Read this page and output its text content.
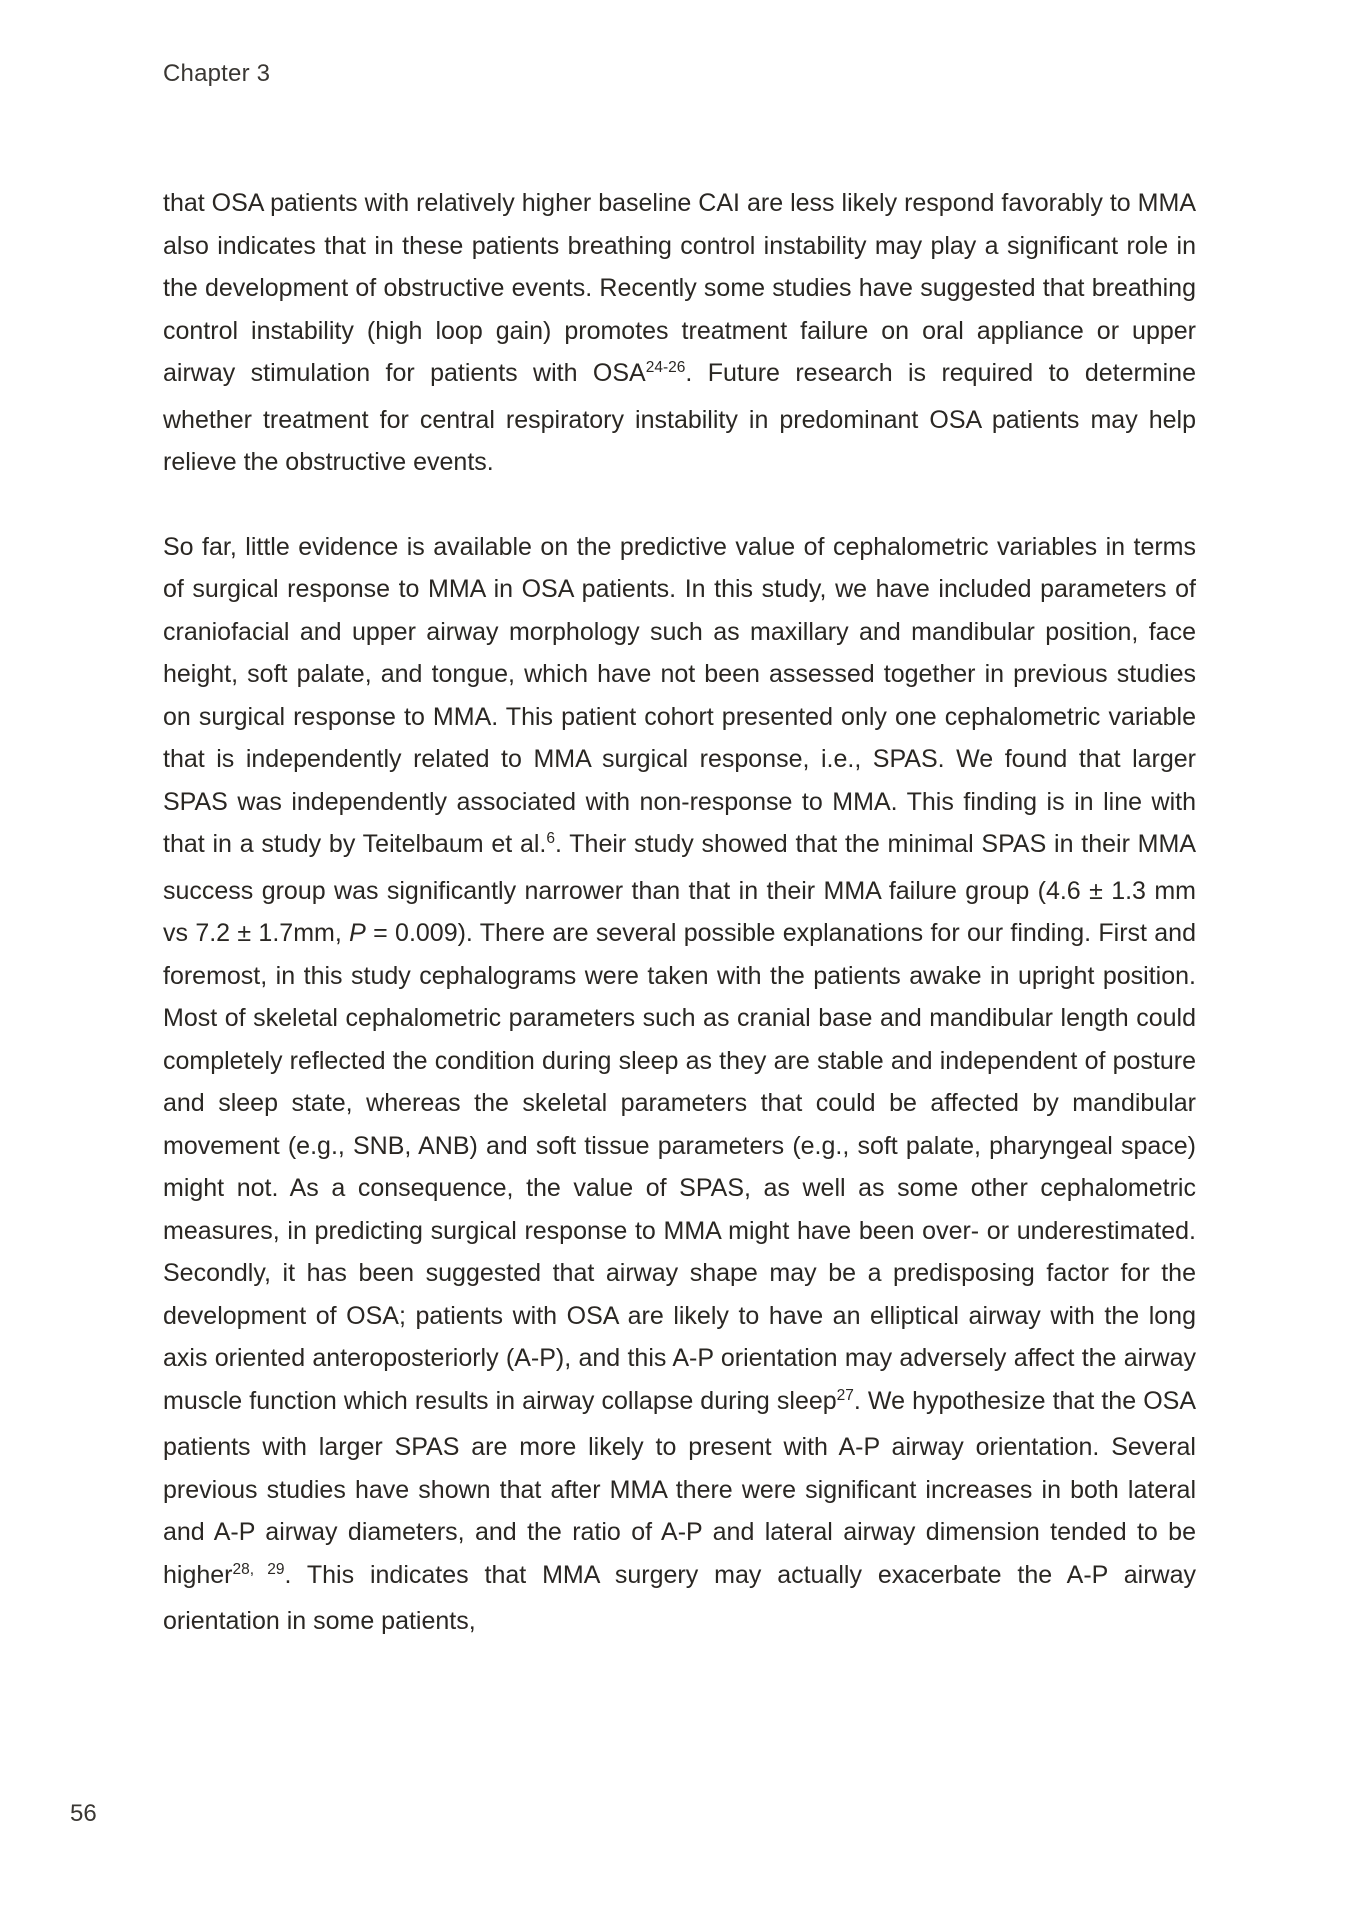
Chapter 3

that OSA patients with relatively higher baseline CAI are less likely respond favorably to MMA also indicates that in these patients breathing control instability may play a significant role in the development of obstructive events. Recently some studies have suggested that breathing control instability (high loop gain) promotes treatment failure on oral appliance or upper airway stimulation for patients with OSA$^{24-26}$. Future research is required to determine whether treatment for central respiratory instability in predominant OSA patients may help relieve the obstructive events.

So far, little evidence is available on the predictive value of cephalometric variables in terms of surgical response to MMA in OSA patients. In this study, we have included parameters of craniofacial and upper airway morphology such as maxillary and mandibular position, face height, soft palate, and tongue, which have not been assessed together in previous studies on surgical response to MMA. This patient cohort presented only one cephalometric variable that is independently related to MMA surgical response, i.e., SPAS. We found that larger SPAS was independently associated with non-response to MMA. This finding is in line with that in a study by Teitelbaum et al.$^6$. Their study showed that the minimal SPAS in their MMA success group was significantly narrower than that in their MMA failure group (4.6 ± 1.3 mm vs 7.2 ± 1.7mm, P = 0.009). There are several possible explanations for our finding. First and foremost, in this study cephalograms were taken with the patients awake in upright position. Most of skeletal cephalometric parameters such as cranial base and mandibular length could completely reflected the condition during sleep as they are stable and independent of posture and sleep state, whereas the skeletal parameters that could be affected by mandibular movement (e.g., SNB, ANB) and soft tissue parameters (e.g., soft palate, pharyngeal space) might not. As a consequence, the value of SPAS, as well as some other cephalometric measures, in predicting surgical response to MMA might have been over- or underestimated. Secondly, it has been suggested that airway shape may be a predisposing factor for the development of OSA; patients with OSA are likely to have an elliptical airway with the long axis oriented anteroposteriorly (A-P), and this A-P orientation may adversely affect the airway muscle function which results in airway collapse during sleep$^{27}$. We hypothesize that the OSA patients with larger SPAS are more likely to present with A-P airway orientation. Several previous studies have shown that after MMA there were significant increases in both lateral and A-P airway diameters, and the ratio of A-P and lateral airway dimension tended to be higher$^{28, 29}$. This indicates that MMA surgery may actually exacerbate the A-P airway orientation in some patients,

56
